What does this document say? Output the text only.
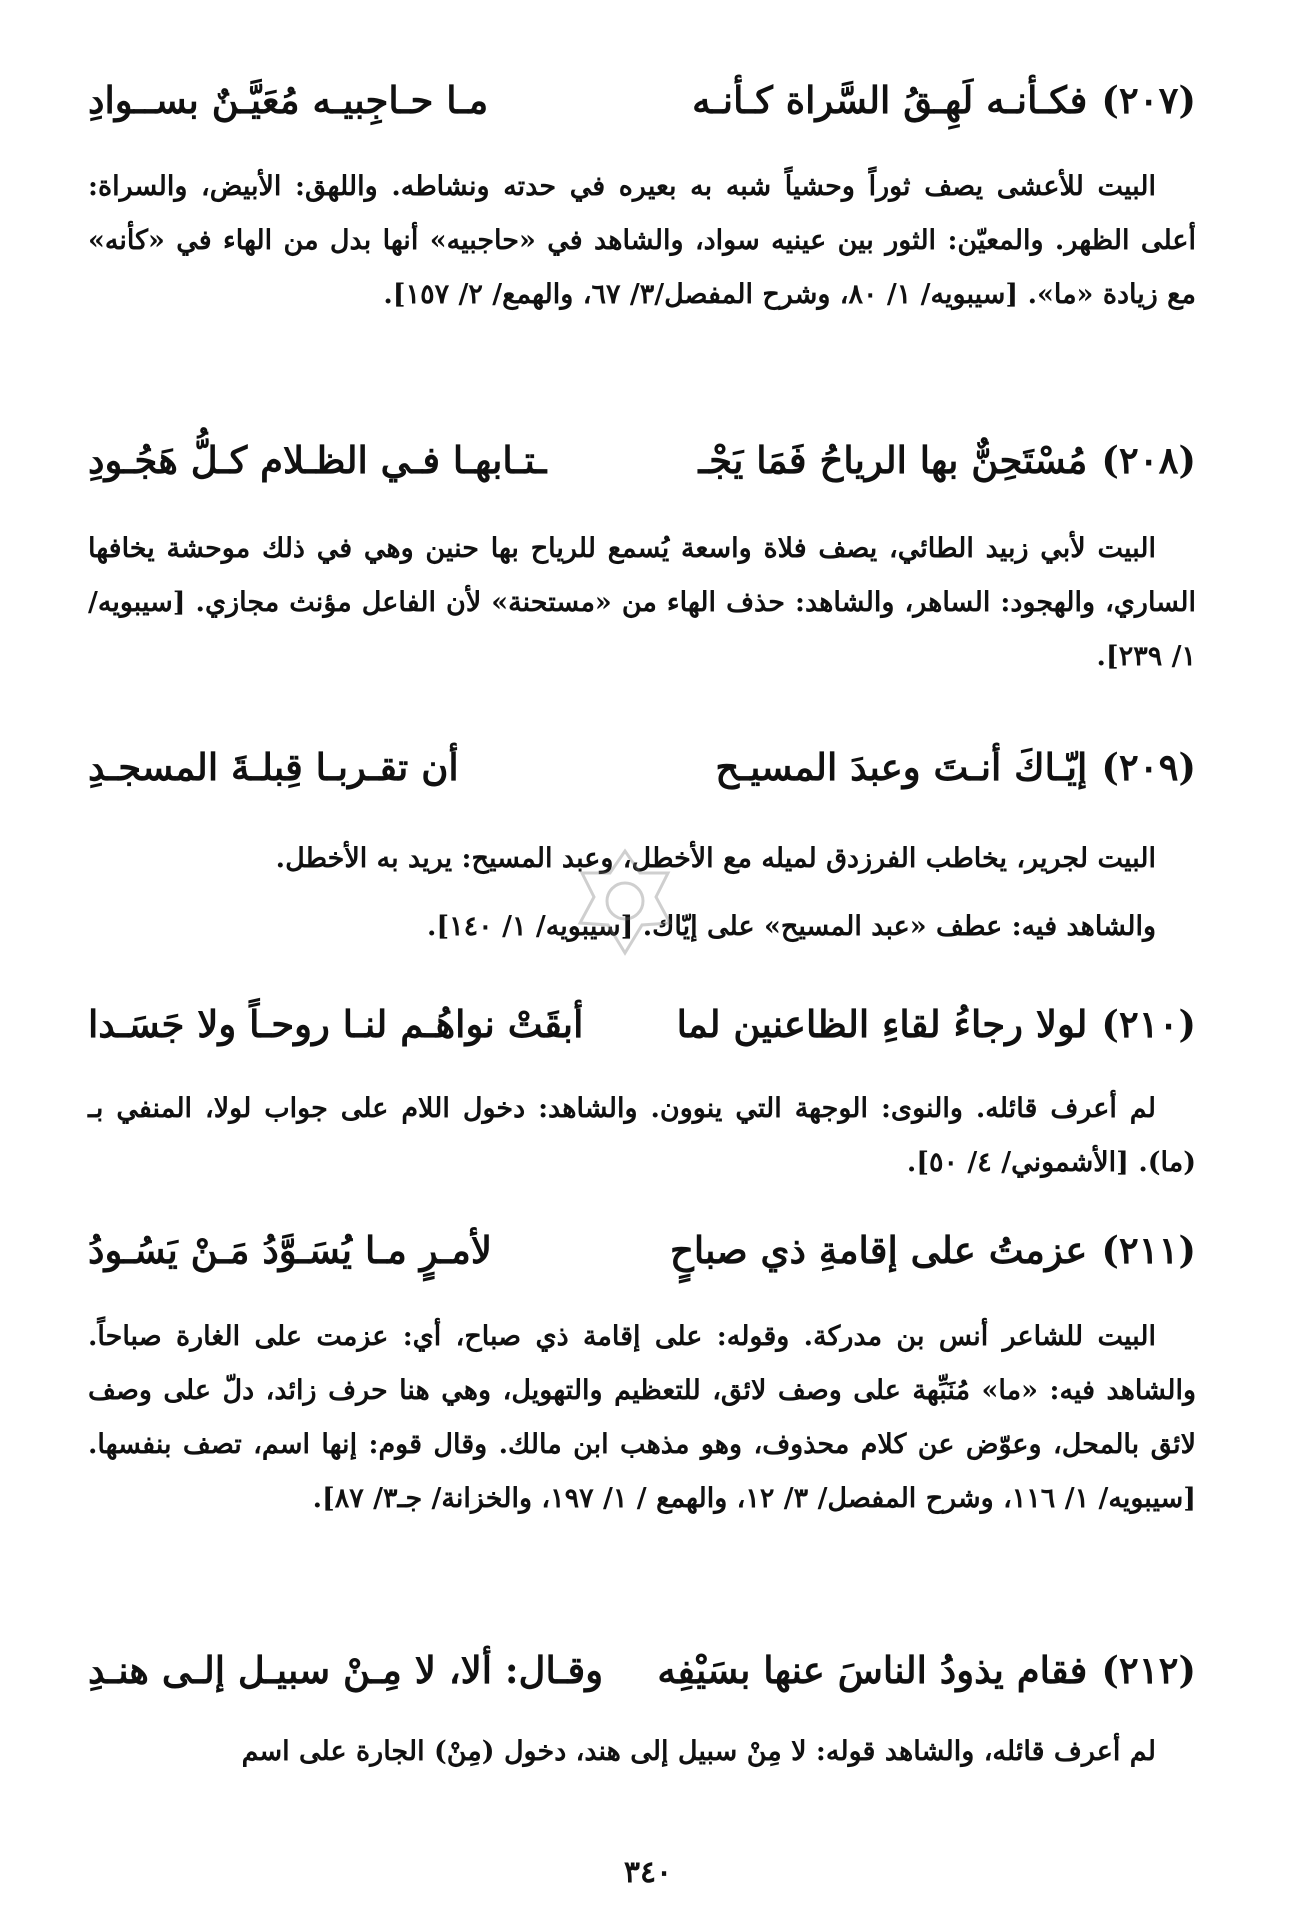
(٢٠٧)
فكـأنـه لَهِـقُ السَّراة كـأنـه
مـا حـاجِبيـه مُعَيَّـنٌ بســوادِ

البيت للأعشى يصف ثوراً وحشياً شبه به بعيره في حدته ونشاطه. واللهق: الأبيض، والسراة: أعلى الظهر. والمعيّن: الثور بين عينيه سواد، والشاهد في «حاجبيه» أنها بدل من الهاء في «كأنه» مع زيادة «ما». [سيبويه/ ١/ ٨٠، وشرح المفصل/٣/ ٦٧، والهمع/ ٢/ ١٥٧].

(٢٠٨)
مُسْتَحِنٌّ بها الرياحُ فَمَا يَجْـ
ـتـابهـا فـي الظـلام كـلُّ هَجُـودِ

البيت لأبي زبيد الطائي، يصف فلاة واسعة يُسمع للرياح بها حنين وهي في ذلك موحشة يخافها الساري، والهجود: الساهر، والشاهد: حذف الهاء من «مستحنة» لأن الفاعل مؤنث مجازي. [سيبويه/١/ ٢٣٩].

(٢٠٩)
إيّـاكَ أنـتَ وعبدَ المسيـح
أن تقـربـا قِبلـةَ المسجـدِ

البيت لجرير، يخاطب الفرزدق لميله مع الأخطل، وعبد المسيح: يريد به الأخطل.

والشاهد فيه: عطف «عبد المسيح» على إيّاك. [سيبويه/ ١/ ١٤٠].

(٢١٠)
لولا رجاءُ لقاءِ الظاعنين لما
أبقَتْ نواهُـم لنـا روحـاً ولا جَسَـدا

لم أعرف قائله. والنوى: الوجهة التي ينوون. والشاهد: دخول اللام على جواب لولا، المنفي بـ (ما). [الأشموني/ ٤/ ٥٠].

(٢١١)
عزمتُ على إقامةِ ذي صباحٍ
لأمـرٍ مـا يُسَـوَّدُ مَـنْ يَسُـودُ

البيت للشاعر أنس بن مدركة. وقوله: على إقامة ذي صباح، أي: عزمت على الغارة صباحاً. والشاهد فيه: «ما» مُنَبِّهة على وصف لائق، للتعظيم والتهويل، وهي هنا حرف زائد، دلّ على وصف لائق بالمحل، وعوّض عن كلام محذوف، وهو مذهب ابن مالك. وقال قوم: إنها اسم، تصف بنفسها. [سيبويه/ ١/ ١١٦، وشرح المفصل/ ٣/ ١٢، والهمع / ١/ ١٩٧، والخزانة/ جـ٣/ ٨٧].

(٢١٢)
فقام يذودُ الناسَ عنها بسَيْفِه
وقـال: ألا، لا مِـنْ سبيـل إلـى هنـدِ

لم أعرف قائله، والشاهد قوله: لا مِنْ سبيل إلى هند، دخول (مِنْ) الجارة على اسم

٣٤٠
